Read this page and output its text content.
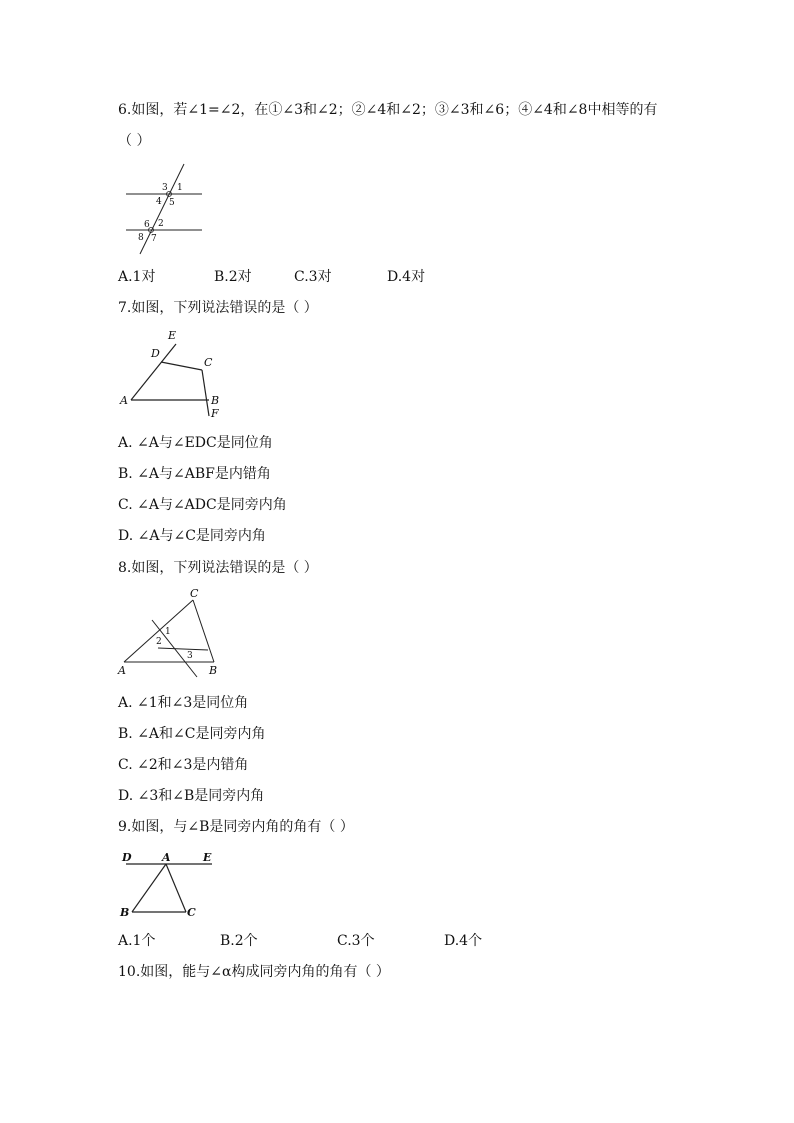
6.如图，若∠1=∠2，在①∠3和∠2；②∠4和∠2；③∠3和∠6；④∠4和∠8中相等的有
（ ）
3 1
4 5
6 2
8 7
A.1对	B.2对	C.3对	D.4对
7.如图，下列说法错误的是（ ）
E
D
C
A	B
F
A. ∠A与∠EDC是同位角
B. ∠A与∠ABF是内错角
C. ∠A与∠ADC是同旁内角
D. ∠A与∠C是同旁内角
8.如图，下列说法错误的是（ ）
1
2
3
C
A	B
A. ∠1和∠3是同位角
B. ∠A和∠C是同旁内角
C. ∠2和∠3是内错角
D. ∠3和∠B是同旁内角
9.如图，与∠B是同旁内角的角有（ ）
D	A	E
B	C
A.1个	B.2个	C.3个	D.4个
10.如图，能与∠α构成同旁内角的角有（ ）
